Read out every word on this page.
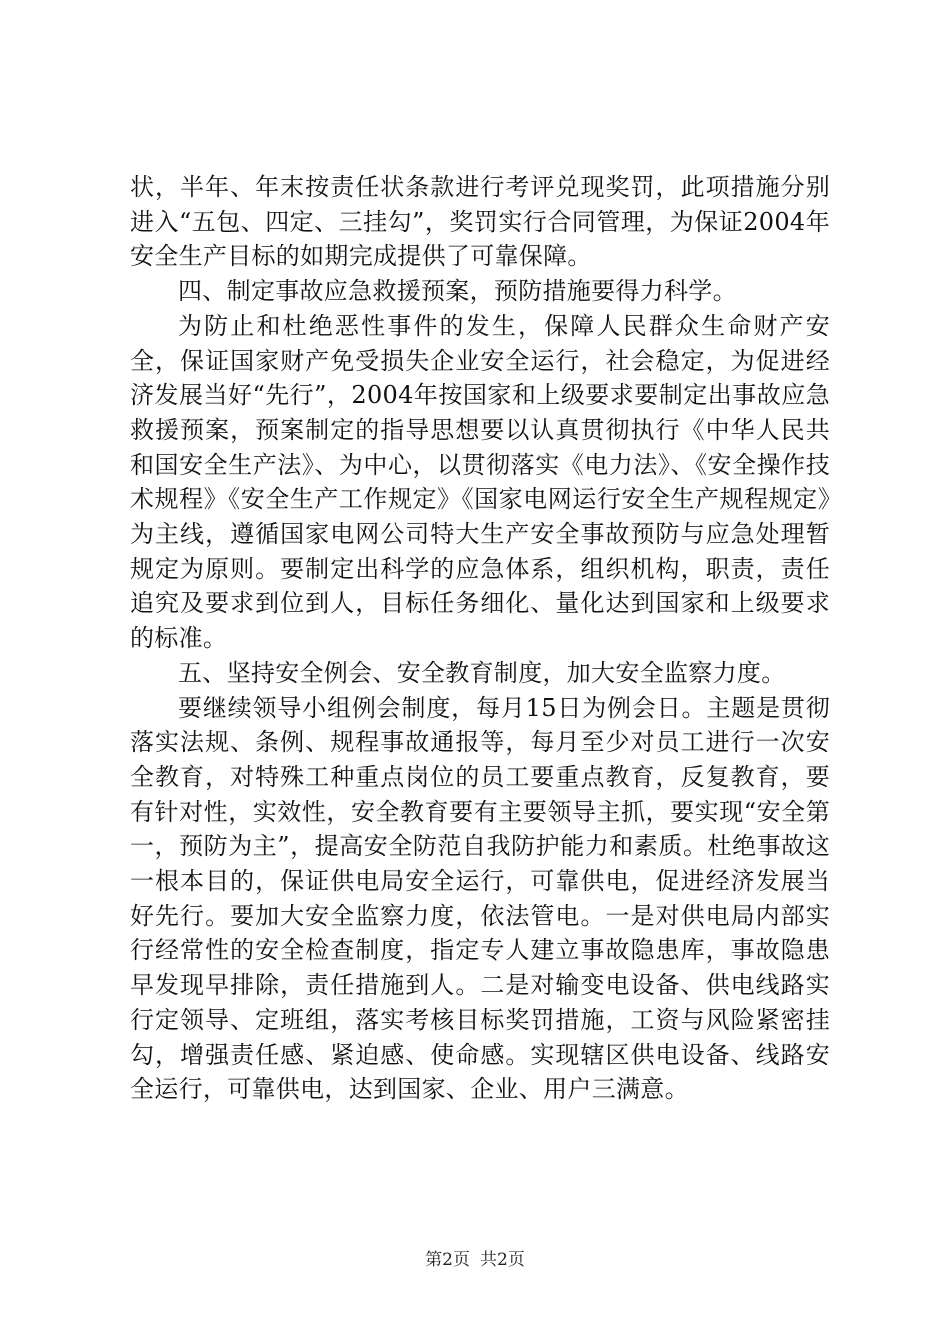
状，半年、年末按责任状条款进行考评兑现奖罚，此项措施分别进入“五包、四定、三挂勾”，奖罚实行合同管理，为保证2004年安全生产目标的如期完成提供了可靠保障。

四、制定事故应急救援预案，预防措施要得力科学。

为防止和杜绝恶性事件的发生，保障人民群众生命财产安全，保证国家财产免受损失企业安全运行，社会稳定，为促进经济发展当好“先行”，2004年按国家和上级要求要制定出事故应急救援预案，预案制定的指导思想要以认真贯彻执行《中华人民共和国安全生产法》、为中心，以贯彻落实《电力法》、《安全操作技术规程》《安全生产工作规定》《国家电网运行安全生产规程规定》为主线，遵循国家电网公司特大生产安全事故预防与应急处理暂规定为原则。要制定出科学的应急体系，组织机构，职责，责任追究及要求到位到人，目标任务细化、量化达到国家和上级要求的标准。

五、坚持安全例会、安全教育制度，加大安全监察力度。

要继续领导小组例会制度，每月15日为例会日。主题是贯彻落实法规、条例、规程事故通报等，每月至少对员工进行一次安全教育，对特殊工种重点岗位的员工要重点教育，反复教育，要有针对性，实效性，安全教育要有主要领导主抓，要实现“安全第一，预防为主”，提高安全防范自我防护能力和素质。杜绝事故这一根本目的，保证供电局安全运行，可靠供电，促进经济发展当好先行。要加大安全监察力度，依法管电。一是对供电局内部实行经常性的安全检查制度，指定专人建立事故隐患库，事故隐患早发现早排除，责任措施到人。二是对输变电设备、供电线路实行定领导、定班组，落实考核目标奖罚措施，工资与风险紧密挂勾，增强责任感、紧迫感、使命感。实现辖区供电设备、线路安全运行，可靠供电，达到国家、企业、用户三满意。

第2页 共2页
